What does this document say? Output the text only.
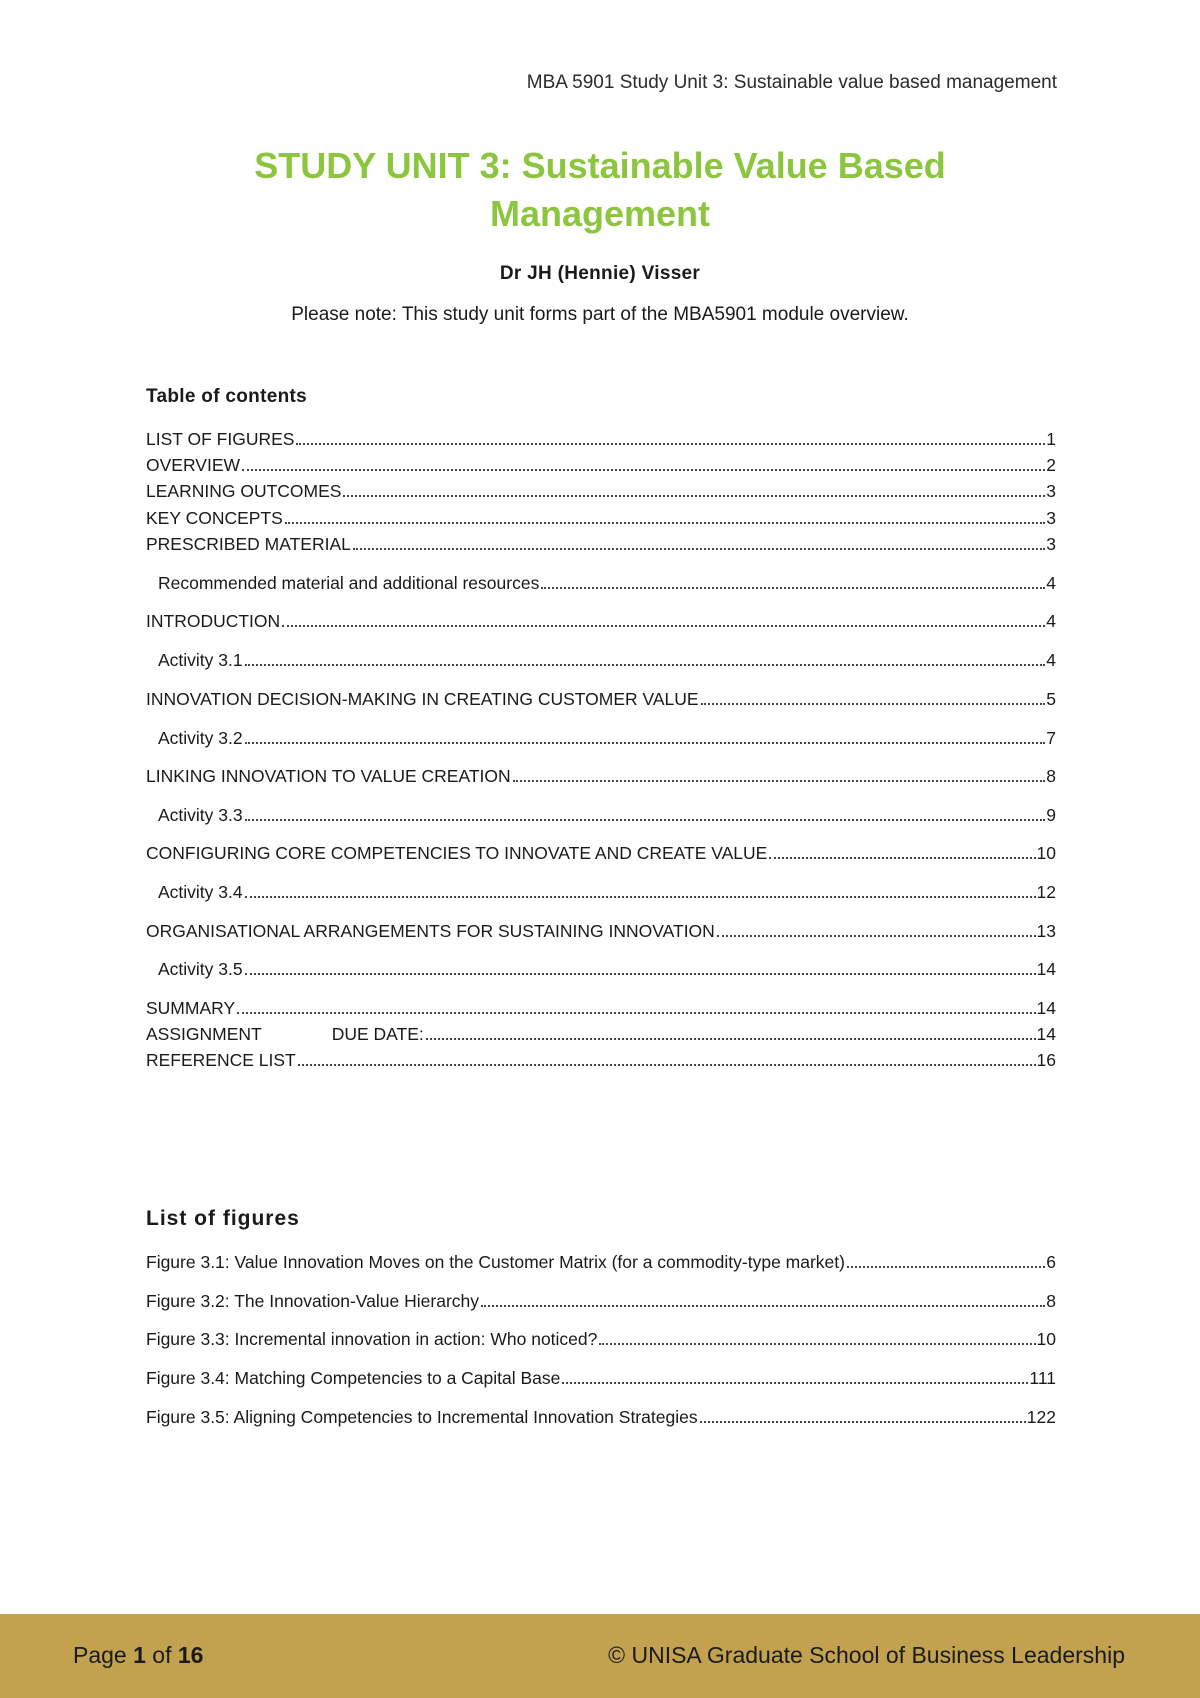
MBA 5901 Study Unit 3: Sustainable value based management
STUDY UNIT 3: Sustainable Value Based
Management
Dr JH (Hennie) Visser
Please note: This study unit forms part of the MBA5901 module overview.
Table of contents
LIST OF FIGURES	1
OVERVIEW	2
LEARNING OUTCOMES	3
KEY CONCEPTS	3
PRESCRIBED MATERIAL	3
Recommended material and additional resources	4
INTRODUCTION	4
Activity 3.1	4
INNOVATION DECISION-MAKING IN CREATING CUSTOMER VALUE	5
Activity 3.2	7
LINKING INNOVATION TO VALUE CREATION	8
Activity 3.3	9
CONFIGURING CORE COMPETENCIES TO INNOVATE AND CREATE VALUE	10
Activity 3.4	12
ORGANISATIONAL ARRANGEMENTS FOR SUSTAINING INNOVATION	13
Activity 3.5	14
SUMMARY	14
ASSIGNMENT	DUE DATE:	14
REFERENCE LIST	16
List of figures
Figure 3.1: Value Innovation Moves on the Customer Matrix (for a commodity-type market)	6
Figure 3.2: The Innovation-Value Hierarchy	8
Figure 3.3: Incremental innovation in action: Who noticed?	10
Figure 3.4: Matching Competencies to a Capital Base	111
Figure 3.5: Aligning Competencies to Incremental Innovation Strategies	122
Page 1 of 16	© UNISA Graduate School of Business Leadership
